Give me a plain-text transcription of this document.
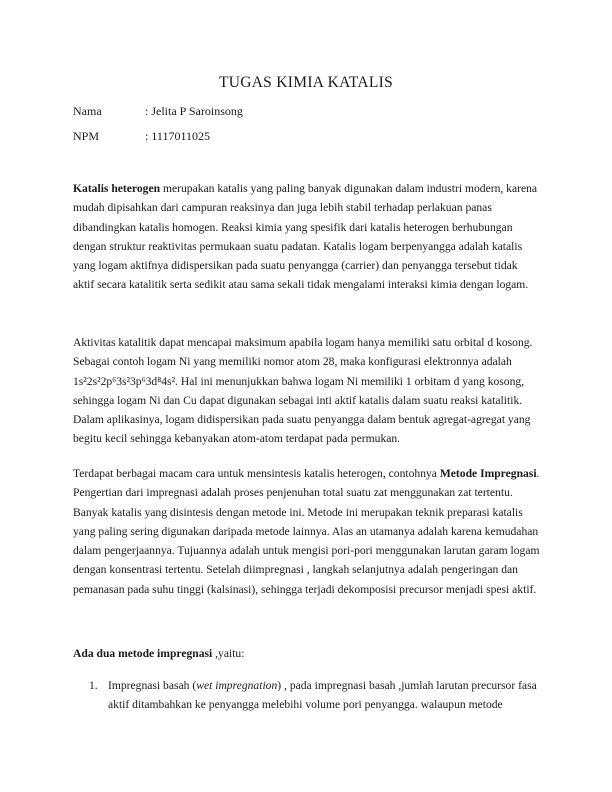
TUGAS KIMIA KATALIS
Nama	: Jelita P Saroinsong
NPM	: 1117011025

Katalis heterogen merupakan katalis yang paling banyak digunakan dalam industri modern, karena mudah dipisahkan dari campuran reaksinya dan juga lebih stabil terhadap perlakuan panas dibandingkan katalis homogen. Reaksi kimia yang spesifik dari katalis heterogen berhubungan dengan struktur reaktivitas permukaan suatu padatan. Katalis logam berpenyangga adalah katalis yang logam aktifnya didispersikan pada suatu penyangga (carrier) dan penyangga tersebut tidak aktif secara katalitik serta sedikit atau sama sekali tidak mengalami interaksi kimia dengan logam.

Aktivitas katalitik dapat mencapai maksimum apabila logam hanya memiliki satu orbital d kosong. Sebagai contoh logam Ni yang memiliki nomor atom 28, maka konfigurasi elektronnya adalah 1s²2s²2p⁶3s²3p⁶3d⁸4s². Hal ini menunjukkan bahwa logam Ni memiliki 1 orbitam d yang kosong, sehingga logam Ni dan Cu dapat digunakan sebagai inti aktif katalis dalam suatu reaksi katalitik. Dalam aplikasinya, logam didispersikan pada suatu penyangga dalam bentuk agregat-agregat yang begitu kecil sehingga kebanyakan atom-atom terdapat pada permukan.

Terdapat berbagai macam cara untuk mensintesis katalis heterogen, contohnya Metode Impregnasi. Pengertian dari impregnasi adalah proses penjenuhan total suatu zat menggunakan zat tertentu. Banyak katalis yang disintesis dengan metode ini. Metode ini merupakan teknik preparasi katalis yang paling sering digunakan daripada metode lainnya. Alas an utamanya adalah karena kemudahan dalam pengerjaannya. Tujuannya adalah untuk mengisi pori-pori menggunakan larutan garam logam dengan konsentrasi tertentu. Setelah diimpregnasi , langkah selanjutnya adalah pengeringan dan pemanasan pada suhu tinggi (kalsinasi), sehingga terjadi dekomposisi precursor menjadi spesi aktif.

Ada dua metode impregnasi ,yaitu:

1. Impregnasi basah (wet impregnation) , pada impregnasi basah ,jumlah larutan precursor fasa aktif ditambahkan ke penyangga melebihi volume pori penyangga. walaupun metode
